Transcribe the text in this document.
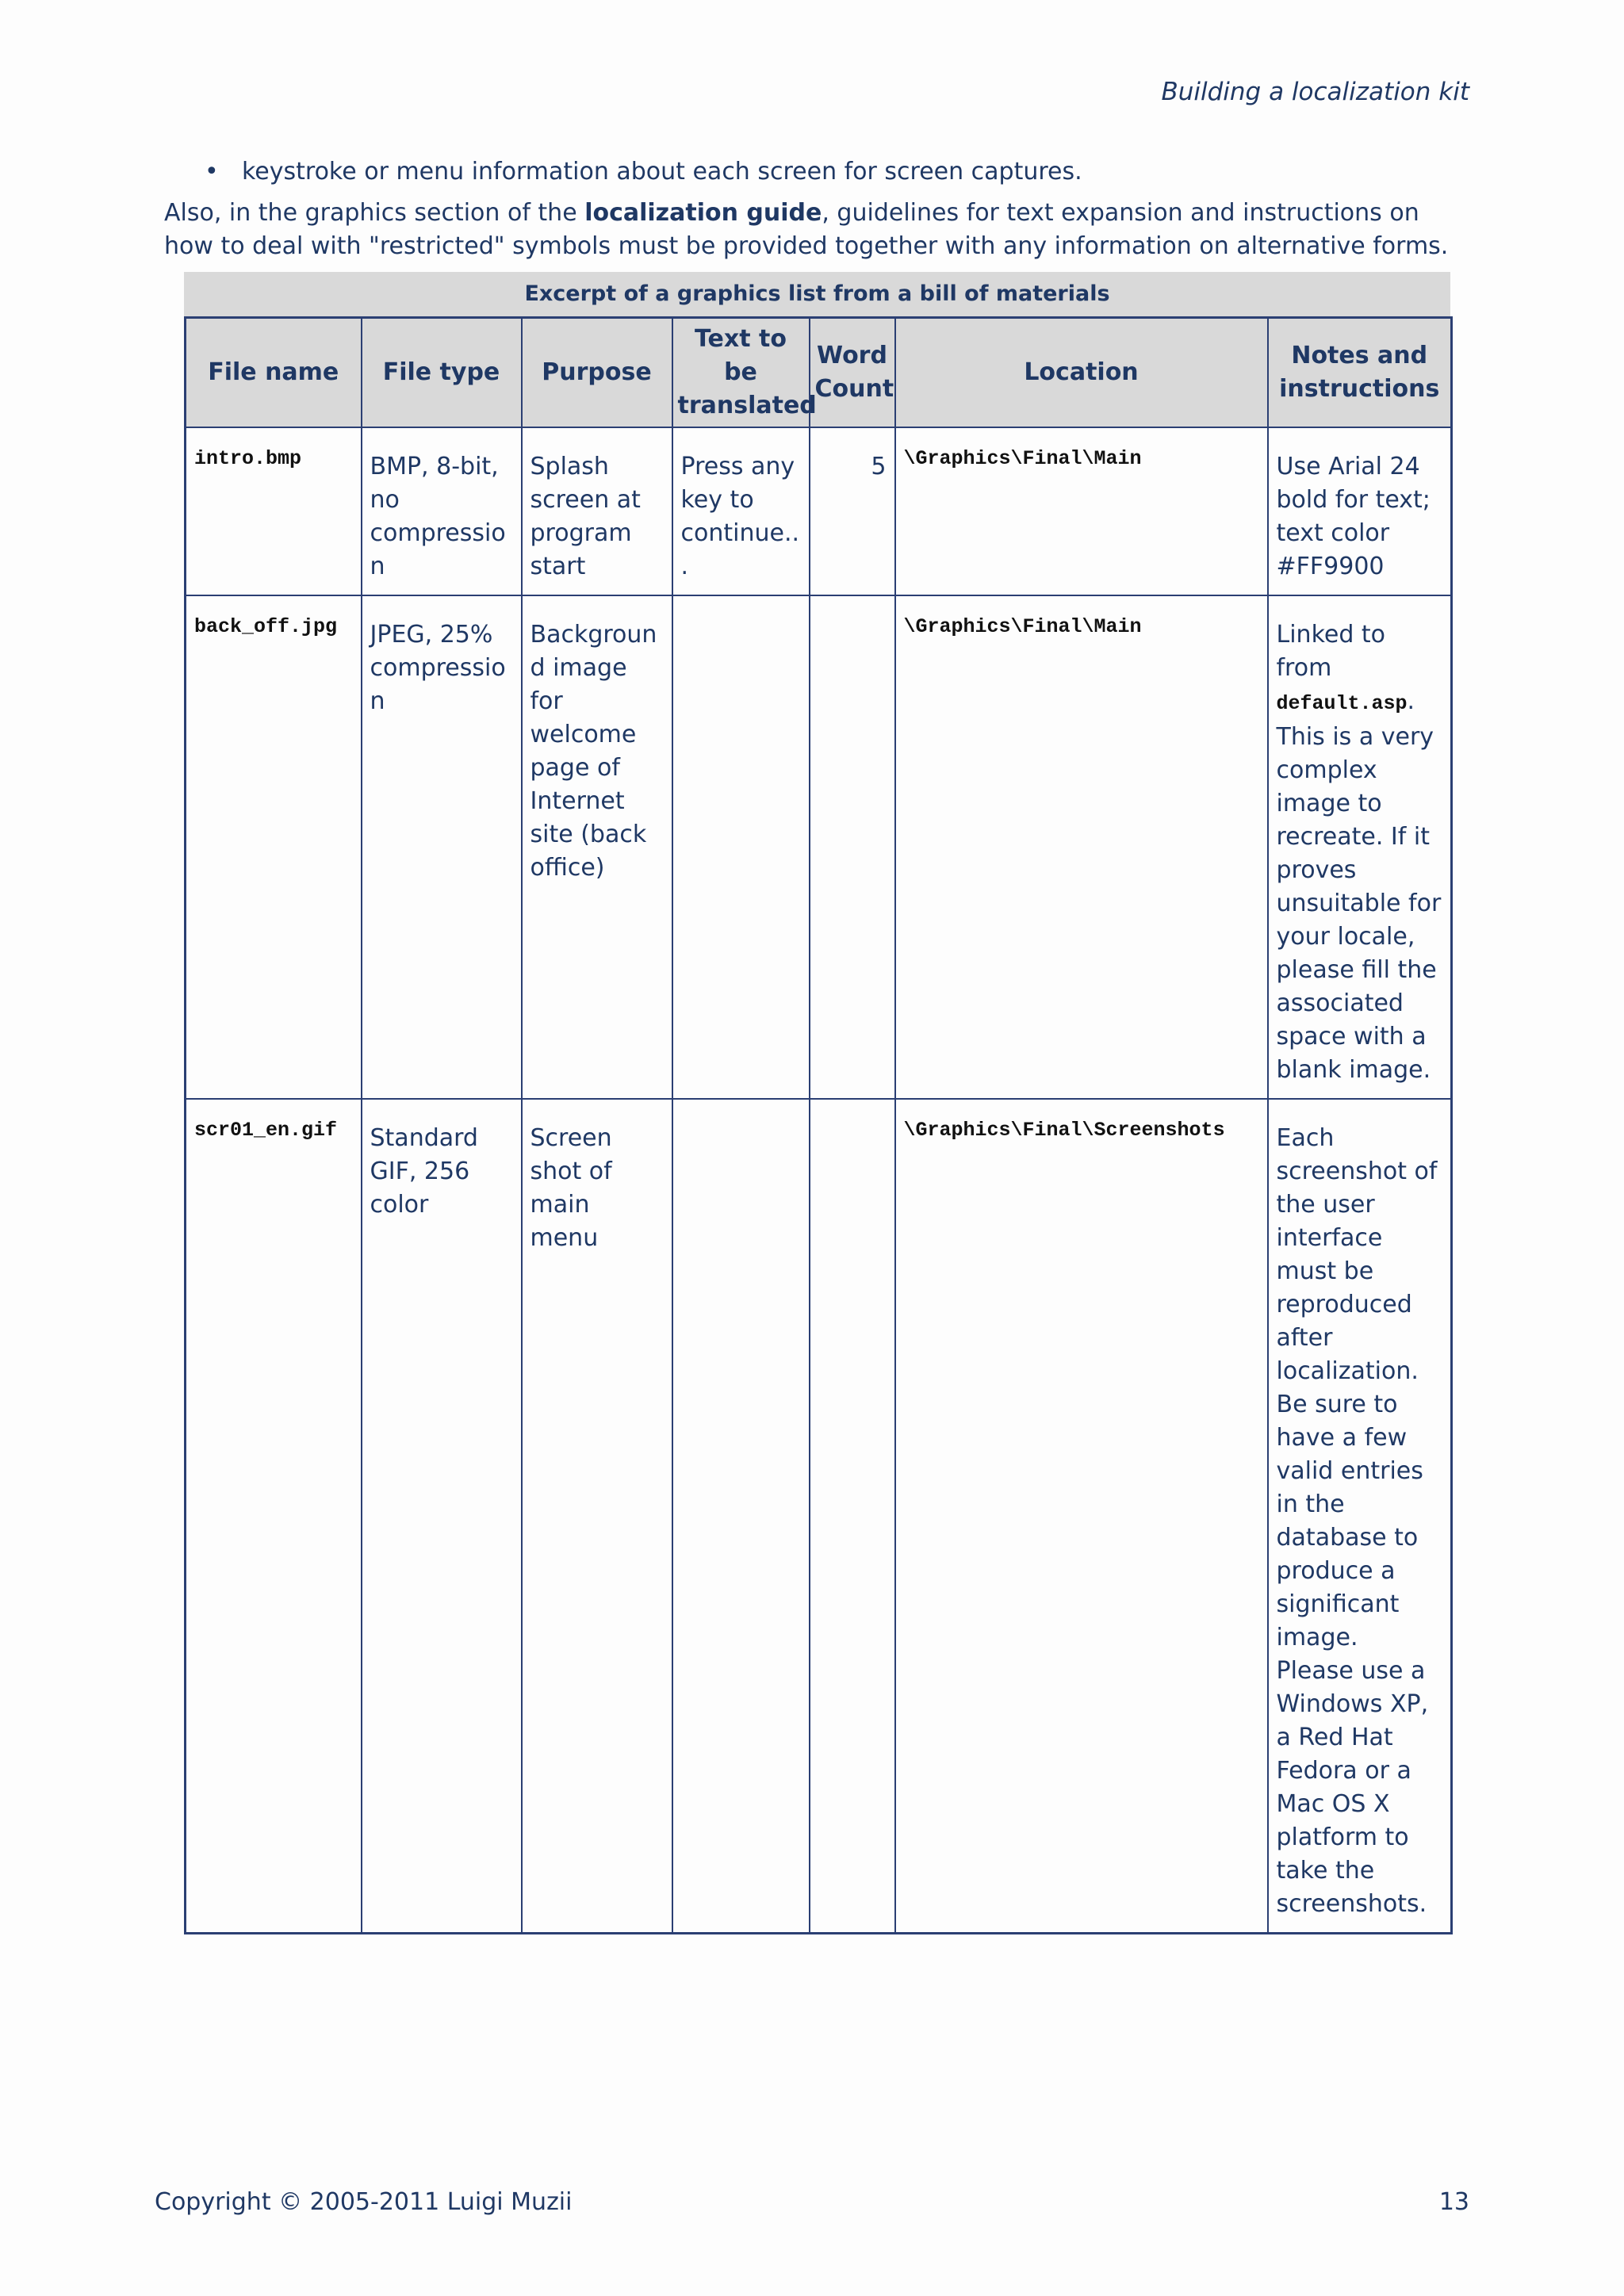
Building a localization kit

• keystroke or menu information about each screen for screen captures.

Also, in the graphics section of the localization guide, guidelines for text expansion and instructions on how to deal with "restricted" symbols must be provided together with any information on alternative forms.

Excerpt of a graphics list from a bill of materials
File name	File type	Purpose	Text to be translated	Word Count	Location	Notes and instructions
intro.bmp	BMP, 8-bit, no compression	Splash screen at program start	Press any key to continue...	5	\Graphics\Final\Main	Use Arial 24 bold for text; text color #FF9900
back_off.jpg	JPEG, 25% compression	Background image for welcome page of Internet site (back office)			\Graphics\Final\Main	Linked to from default.asp. This is a very complex image to recreate. If it proves unsuitable for your locale, please fill the associated space with a blank image.
scr01_en.gif	Standard GIF, 256 color	Screen shot of main menu			\Graphics\Final\Screenshots	Each screenshot of the user interface must be reproduced after localization. Be sure to have a few valid entries in the database to produce a significant image. Please use a Windows XP, a Red Hat Fedora or a Mac OS X platform to take the screenshots.
Copyright © 2005-2011 Luigi Muzii	13
